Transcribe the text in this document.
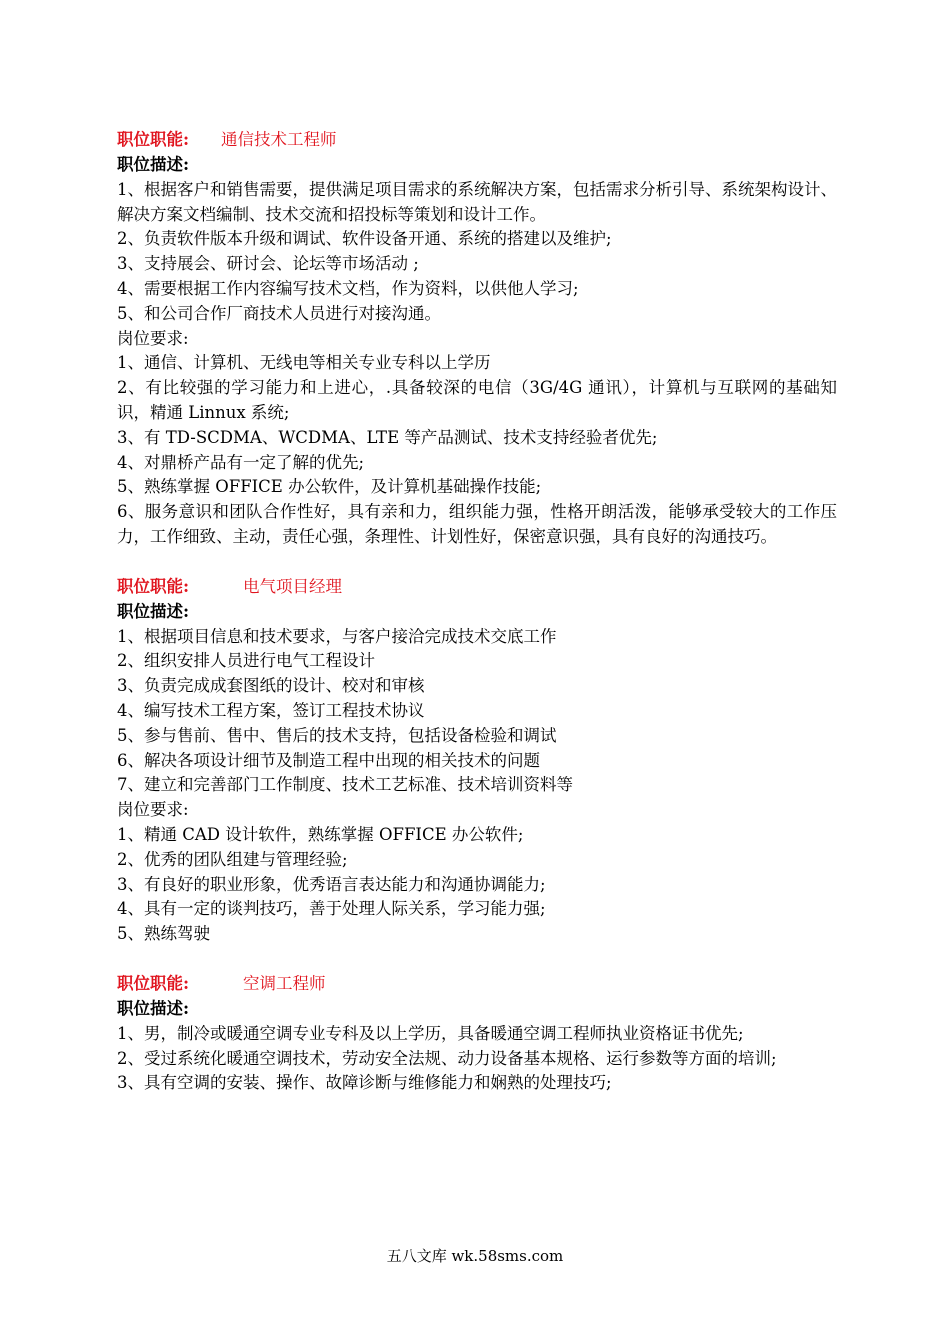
职位职能: 通信技术工程师
职位描述:
1、根据客户和销售需要，提供满足项目需求的系统解决方案，包括需求分析引导、系统架构设计、解决方案文档编制、技术交流和招投标等策划和设计工作。
2、负责软件版本升级和调试、软件设备开通、系统的搭建以及维护;
3、支持展会、研讨会、论坛等市场活动 ;
4、需要根据工作内容编写技术文档，作为资料，以供他人学习;
5、和公司合作厂商技术人员进行对接沟通。
岗位要求:
1、通信、计算机、无线电等相关专业专科以上学历
2、有比较强的学习能力和上进心，.具备较深的电信（3G/4G 通讯），计算机与互联网的基础知识，精通 Linnux 系统;
3、有 TD-SCDMA、WCDMA、LTE 等产品测试、技术支持经验者优先;
4、对鼎桥产品有一定了解的优先;
5、熟练掌握 OFFICE 办公软件，及计算机基础操作技能;
6、服务意识和团队合作性好，具有亲和力，组织能力强，性格开朗活泼，能够承受较大的工作压力，工作细致、主动，责任心强，条理性、计划性好，保密意识强，具有良好的沟通技巧。
职位职能:	电气项目经理
职位描述:
1、根据项目信息和技术要求，与客户接洽完成技术交底工作
2、组织安排人员进行电气工程设计
3、负责完成成套图纸的设计、校对和审核
4、编写技术工程方案，签订工程技术协议
5、参与售前、售中、售后的技术支持，包括设备检验和调试
6、解决各项设计细节及制造工程中出现的相关技术的问题
7、建立和完善部门工作制度、技术工艺标准、技术培训资料等
岗位要求:
1、精通 CAD 设计软件，熟练掌握 OFFICE 办公软件;
2、优秀的团队组建与管理经验;
3、有良好的职业形象，优秀语言表达能力和沟通协调能力;
4、具有一定的谈判技巧，善于处理人际关系，学习能力强;
5、熟练驾驶
职位职能:	空调工程师
职位描述:
1、男，制冷或暖通空调专业专科及以上学历，具备暖通空调工程师执业资格证书优先;
2、受过系统化暖通空调技术，劳动安全法规、动力设备基本规格、运行参数等方面的培训;
3、具有空调的安装、操作、故障诊断与维修能力和娴熟的处理技巧;
五八文库 wk.58sms.com
